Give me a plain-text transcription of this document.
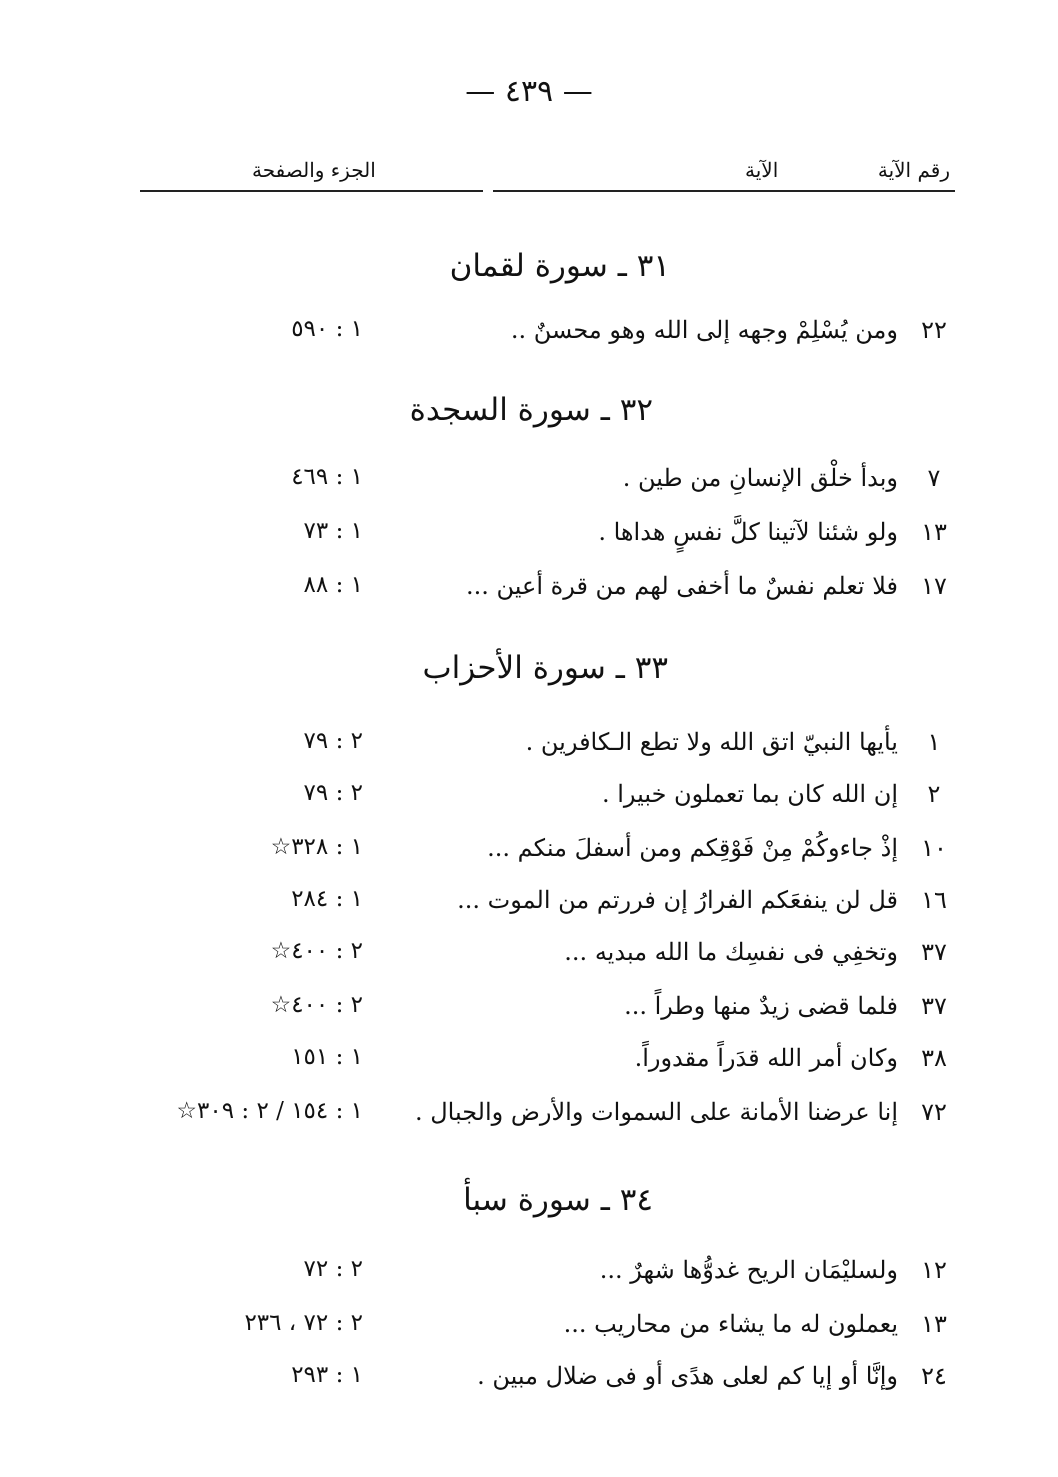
— ٤٣٩ —
رقم الآية
الآية
الجزء والصفحة
٣١ ـ سورة لقمان
٢٢
ومن يُسْلِمْ وجهه إلى الله وهو محسنٌ ..
١ : ٥٩٠
٣٢ ـ سورة السجدة
٧
وبدأ خلْق الإنسانِ من طين .
١ : ٤٦٩
١٣
ولو شئنا لآتينا كلَّ نفسٍ هداها .
١ : ٧٣
١٧
فلا تعلم نفسٌ ما أخفى لهم من قرة أعين ...
١ : ٨٨
٣٣ ـ سورة الأحزاب
١
يأيها النبيّ اتق الله ولا تطع الـكافرين .
٢ : ٧٩
٢
إن الله كان بما تعملون خبيرا .
٢ : ٧٩
١٠
إذْ جاءوكُمْ مِنْ فَوْقِكم ومن أسفلَ منكم ...
١ : ٣٢٨☆
١٦
قل لن ينفعَكم الفرارُ إن فررتم من الموت ...
١ : ٢٨٤
٣٧
وتخفِي فى نفسِك ما الله مبديه ...
٢ : ٤٠٠☆
٣٧
فلما قضى زيدٌ منها وطراً ...
٢ : ٤٠٠☆
٣٨
وكان أمر الله قدَراً مقدوراً.
١ : ١٥١
٧٢
إنا عرضنا الأمانة على السموات والأرض والجبال .
١ : ١٥٤ / ٢ : ٣٠٩☆
٣٤ ـ سورة سبأ
١٢
ولسليْمَان الريح غدوُّها شهرٌ ...
٢ : ٧٢
١٣
يعملون له ما يشاء من محاريب ...
٢ : ٧٢ ، ٢٣٦
٢٤
وإنَّا أو إيا كم لعلى هدًى أو فى ضلال مبين .
١ : ٢٩٣
